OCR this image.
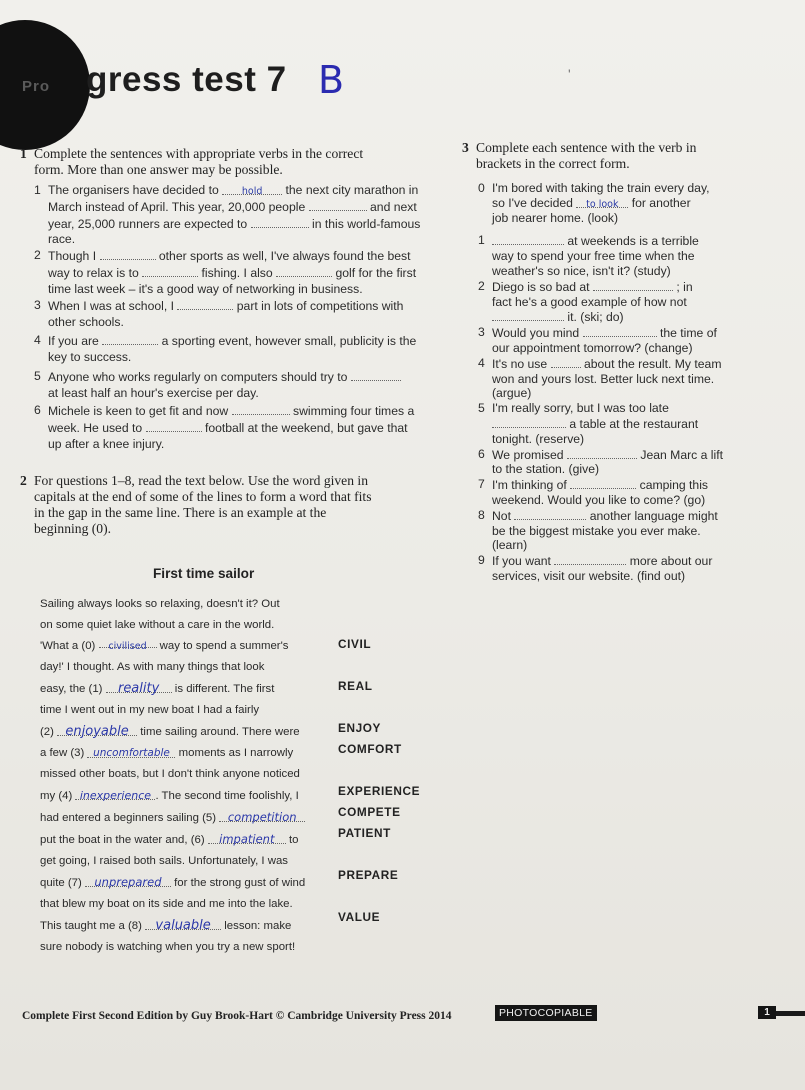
Pro gress test 7 B	'
1 Complete the sentences with appropriate verbs in the correct
form. More than one answer may be possible.
1 The organisers have decided to hold the next city marathon in
March instead of April. This year, 20,000 people	and next
year, 25,000 runners are expected to	in this world-famous
race.
2 Though I	other sports as well, I've always found the best
way to relax is to	fishing. I also	golf for the first
time last week – it's a good way of networking in business.
3 When I was at school, I	part in lots of competitions with
other schools.
4 If you are	a sporting event, however small, publicity is the
key to success.
5 Anyone who works regularly on computers should try to
at least half an hour's exercise per day.
6 Michele is keen to get fit and now	swimming four times a
week. He used to	football at the weekend, but gave that
up after a knee injury.
2 For questions 1–8, read the text below. Use the word given in
capitals at the end of some of the lines to form a word that fits
in the gap in the same line. There is an example at the
beginning (0).
First time sailor
Sailing always looks so relaxing, doesn't it? Out
on some quiet lake without a care in the world.
'What a (0) civilised way to spend a summer's
day!' I thought. As with many things that look
easy, the (1) reality is different. The first
time I went out in my new boat I had a fairly
(2) enjoyable time sailing around. There were
a few (3) uncomfortable moments as I narrowly
missed other boats, but I don't think anyone noticed
my (4) inexperience . The second time foolishly, I
had entered a beginners sailing (5) competition
put the boat in the water and, (6) impatient to
get going, I raised both sails. Unfortunately, I was
quite (7) unprepared for the strong gust of wind
that blew my boat on its side and me into the lake.
This taught me a (8) valuable lesson: make
sure nobody is watching when you try a new sport!
CIVIL
REAL
ENJOY
COMFORT
EXPERIENCE
COMPETE
PATIENT
PREPARE
VALUE
3 Complete each sentence with the verb in
brackets in the correct form.
0 I'm bored with taking the train every day,
so I've decided to look for another
job nearer home. (look)
1	at weekends is a terrible
way to spend your free time when the
weather's so nice, isn't it? (study)
2 Diego is so bad at	; in
fact he's a good example of how not
it. (ski; do)
3 Would you mind	the time of
our appointment tomorrow? (change)
4 It's no use	about the result. My team
won and yours lost. Better luck next time.
(argue)
5 I'm really sorry, but I was too late
a table at the restaurant
tonight. (reserve)
6 We promised	Jean Marc a lift
to the station. (give)
7 I'm thinking of	camping this
weekend. Would you like to come? (go)
8 Not	another language might
be the biggest mistake you ever make.
(learn)
9 If you want	more about our
services, visit our website. (find out)
Complete First Second Edition by Guy Brook-Hart © Cambridge University Press 2014	PHOTOCOPIABLE	1
